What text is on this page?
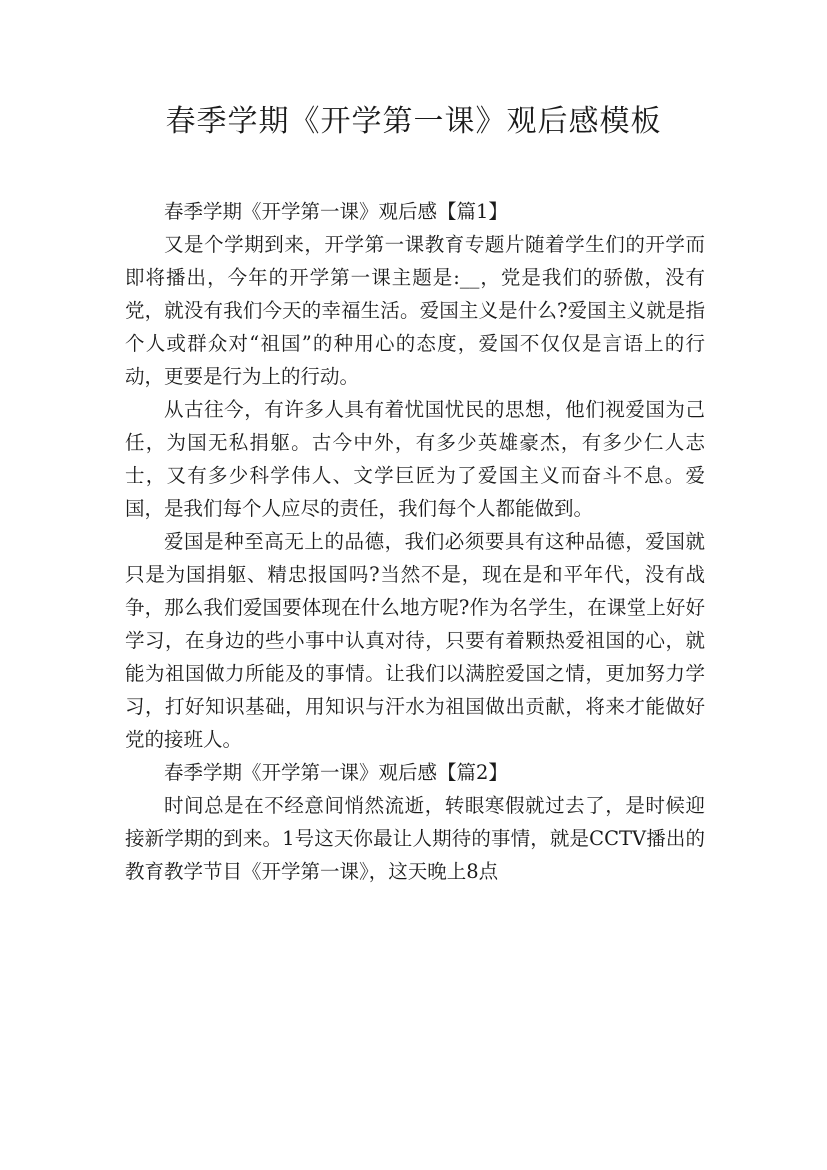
春季学期《开学第一课》观后感模板

春季学期《开学第一课》观后感【篇1】

又是个学期到来，开学第一课教育专题片随着学生们的开学而即将播出，今年的开学第一课主题是:__，党是我们的骄傲，没有党，就没有我们今天的幸福生活。爱国主义是什么?爱国主义就是指个人或群众对“祖国”的种用心的态度，爱国不仅仅是言语上的行动，更要是行为上的行动。

从古往今，有许多人具有着忧国忧民的思想，他们视爱国为己任，为国无私捐躯。古今中外，有多少英雄豪杰，有多少仁人志士，又有多少科学伟人、文学巨匠为了爱国主义而奋斗不息。爱国，是我们每个人应尽的责任，我们每个人都能做到。

爱国是种至高无上的品德，我们必须要具有这种品德，爱国就只是为国捐躯、精忠报国吗?当然不是，现在是和平年代，没有战争，那么我们爱国要体现在什么地方呢?作为名学生，在课堂上好好学习，在身边的些小事中认真对待，只要有着颗热爱祖国的心，就能为祖国做力所能及的事情。让我们以满腔爱国之情，更加努力学习，打好知识基础，用知识与汗水为祖国做出贡献，将来才能做好党的接班人。

春季学期《开学第一课》观后感【篇2】

时间总是在不经意间悄然流逝，转眼寒假就过去了，是时候迎接新学期的到来。1号这天你最让人期待的事情，就是CCTV播出的教育教学节目《开学第一课》，这天晚上8点
